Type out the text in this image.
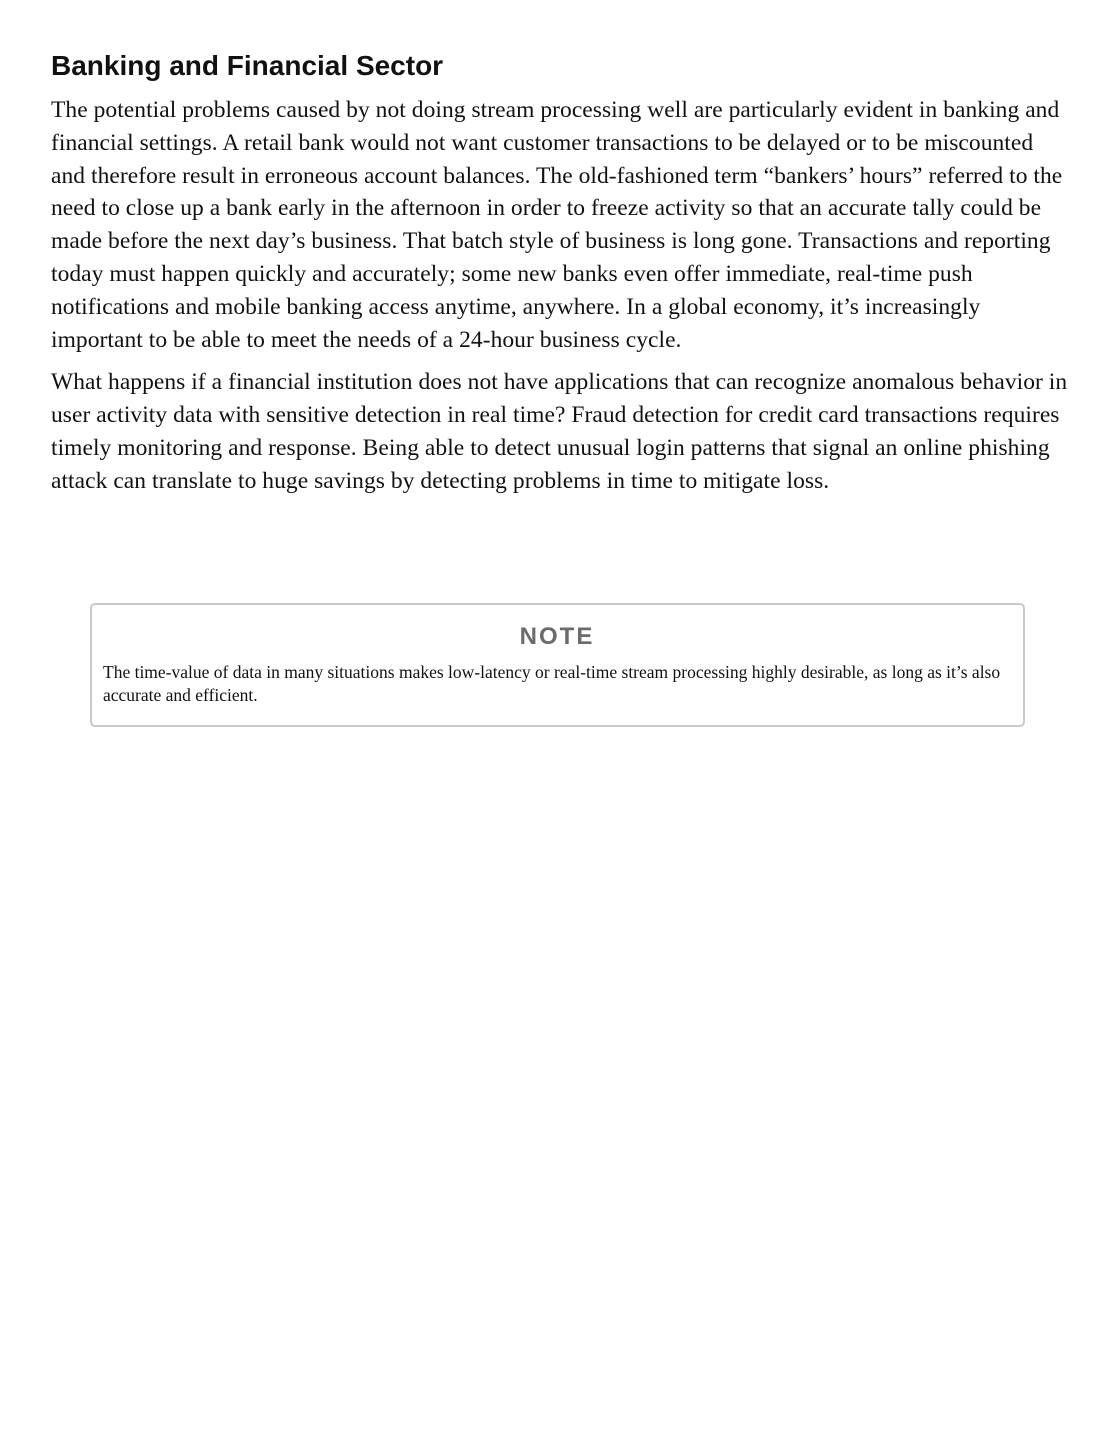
Banking and Financial Sector

The potential problems caused by not doing stream processing well are particularly evident in banking and financial settings. A retail bank would not want customer transactions to be delayed or to be miscounted and therefore result in erroneous account balances. The old-fashioned term “bankers’ hours” referred to the need to close up a bank early in the afternoon in order to freeze activity so that an accurate tally could be made before the next day’s business. That batch style of business is long gone. Transactions and reporting today must happen quickly and accurately; some new banks even offer immediate, real-time push notifications and mobile banking access anytime, anywhere. In a global economy, it’s increasingly important to be able to meet the needs of a 24-hour business cycle.

What happens if a financial institution does not have applications that can recognize anomalous behavior in user activity data with sensitive detection in real time? Fraud detection for credit card transactions requires timely monitoring and response. Being able to detect unusual login patterns that signal an online phishing attack can translate to huge savings by detecting problems in time to mitigate loss.

NOTE

The time-value of data in many situations makes low-latency or real-time stream processing highly desirable, as long as it’s also accurate and efficient.
